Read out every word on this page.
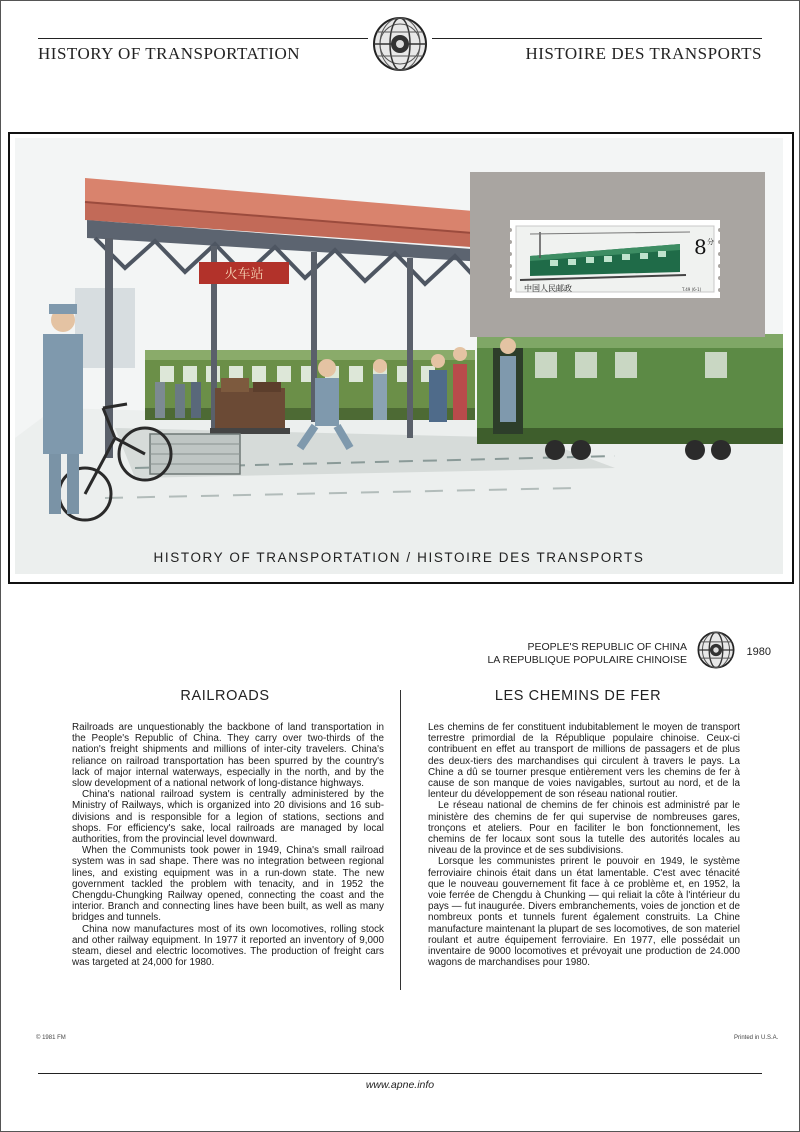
HISTORY OF TRANSPORTATION	HISTOIRE DES TRANSPORTS
火车站
8 分
中国人民邮政	T.49 (6-1)
HISTORY OF TRANSPORTATION / HISTOIRE DES TRANSPORTS
PEOPLE'S REPUBLIC OF CHINA
LA REPUBLIQUE POPULAIRE CHINOISE
1980
RAILROADS	LES CHEMINS DE FER

Railroads are unquestionably the backbone of land transportation in the People's Republic of China. They carry over two-thirds of the nation's freight shipments and millions of inter-city travelers. China's reliance on railroad transportation has been spurred by the country's lack of major internal waterways, especially in the north, and by the slow development of a national network of long-distance highways.

China's national railroad system is centrally administered by the Ministry of Railways, which is organized into 20 divisions and 16 sub-divisions and is responsible for a legion of stations, sections and shops. For efficiency's sake, local railroads are managed by local authorities, from the provincial level downward.

When the Communists took power in 1949, China's small railroad system was in sad shape. There was no integration between regional lines, and existing equipment was in a run-down state. The new government tackled the problem with tenacity, and in 1952 the Chengdu-Chungking Railway opened, connecting the coast and the interior. Branch and connecting lines have been built, as well as many bridges and tunnels.

China now manufactures most of its own locomotives, rolling stock and other railway equipment. In 1977 it reported an inventory of 9,000 steam, diesel and electric locomotives. The production of freight cars was targeted at 24,000 for 1980.

Les chemins de fer constituent indubitablement le moyen de transport terrestre primordial de la République populaire chinoise. Ceux-ci contribuent en effet au transport de millions de passagers et de plus des deux-tiers des marchandises qui circulent à travers le pays. La Chine a dû se tourner presque entièrement vers les chemins de fer à cause de son manque de voies navigables, surtout au nord, et de la lenteur du développement de son réseau national routier.

Le réseau national de chemins de fer chinois est administré par le ministère des chemins de fer qui supervise de nombreuses gares, tronçons et ateliers. Pour en faciliter le bon fonctionnement, les chemins de fer locaux sont sous la tutelle des autorités locales au niveau de la province et de ses subdivisions.

Lorsque les communistes prirent le pouvoir en 1949, le système ferroviaire chinois était dans un état lamentable. C'est avec ténacité que le nouveau gouvernement fit face à ce problème et, en 1952, la voie ferrée de Chengdu à Chunking — qui reliait la côte à l'intérieur du pays — fut inaugurée. Divers embranchements, voies de jonction et de nombreux ponts et tunnels furent également construits. La Chine manufacture maintenant la plupart de ses locomotives, de son materiel roulant et autre équipement ferroviaire. En 1977, elle possédait un inventaire de 9000 locomotives et prévoyait une production de 24.000 wagons de marchandises pour 1980.

© 1981 FM	Printed in U.S.A.
www.apne.info
